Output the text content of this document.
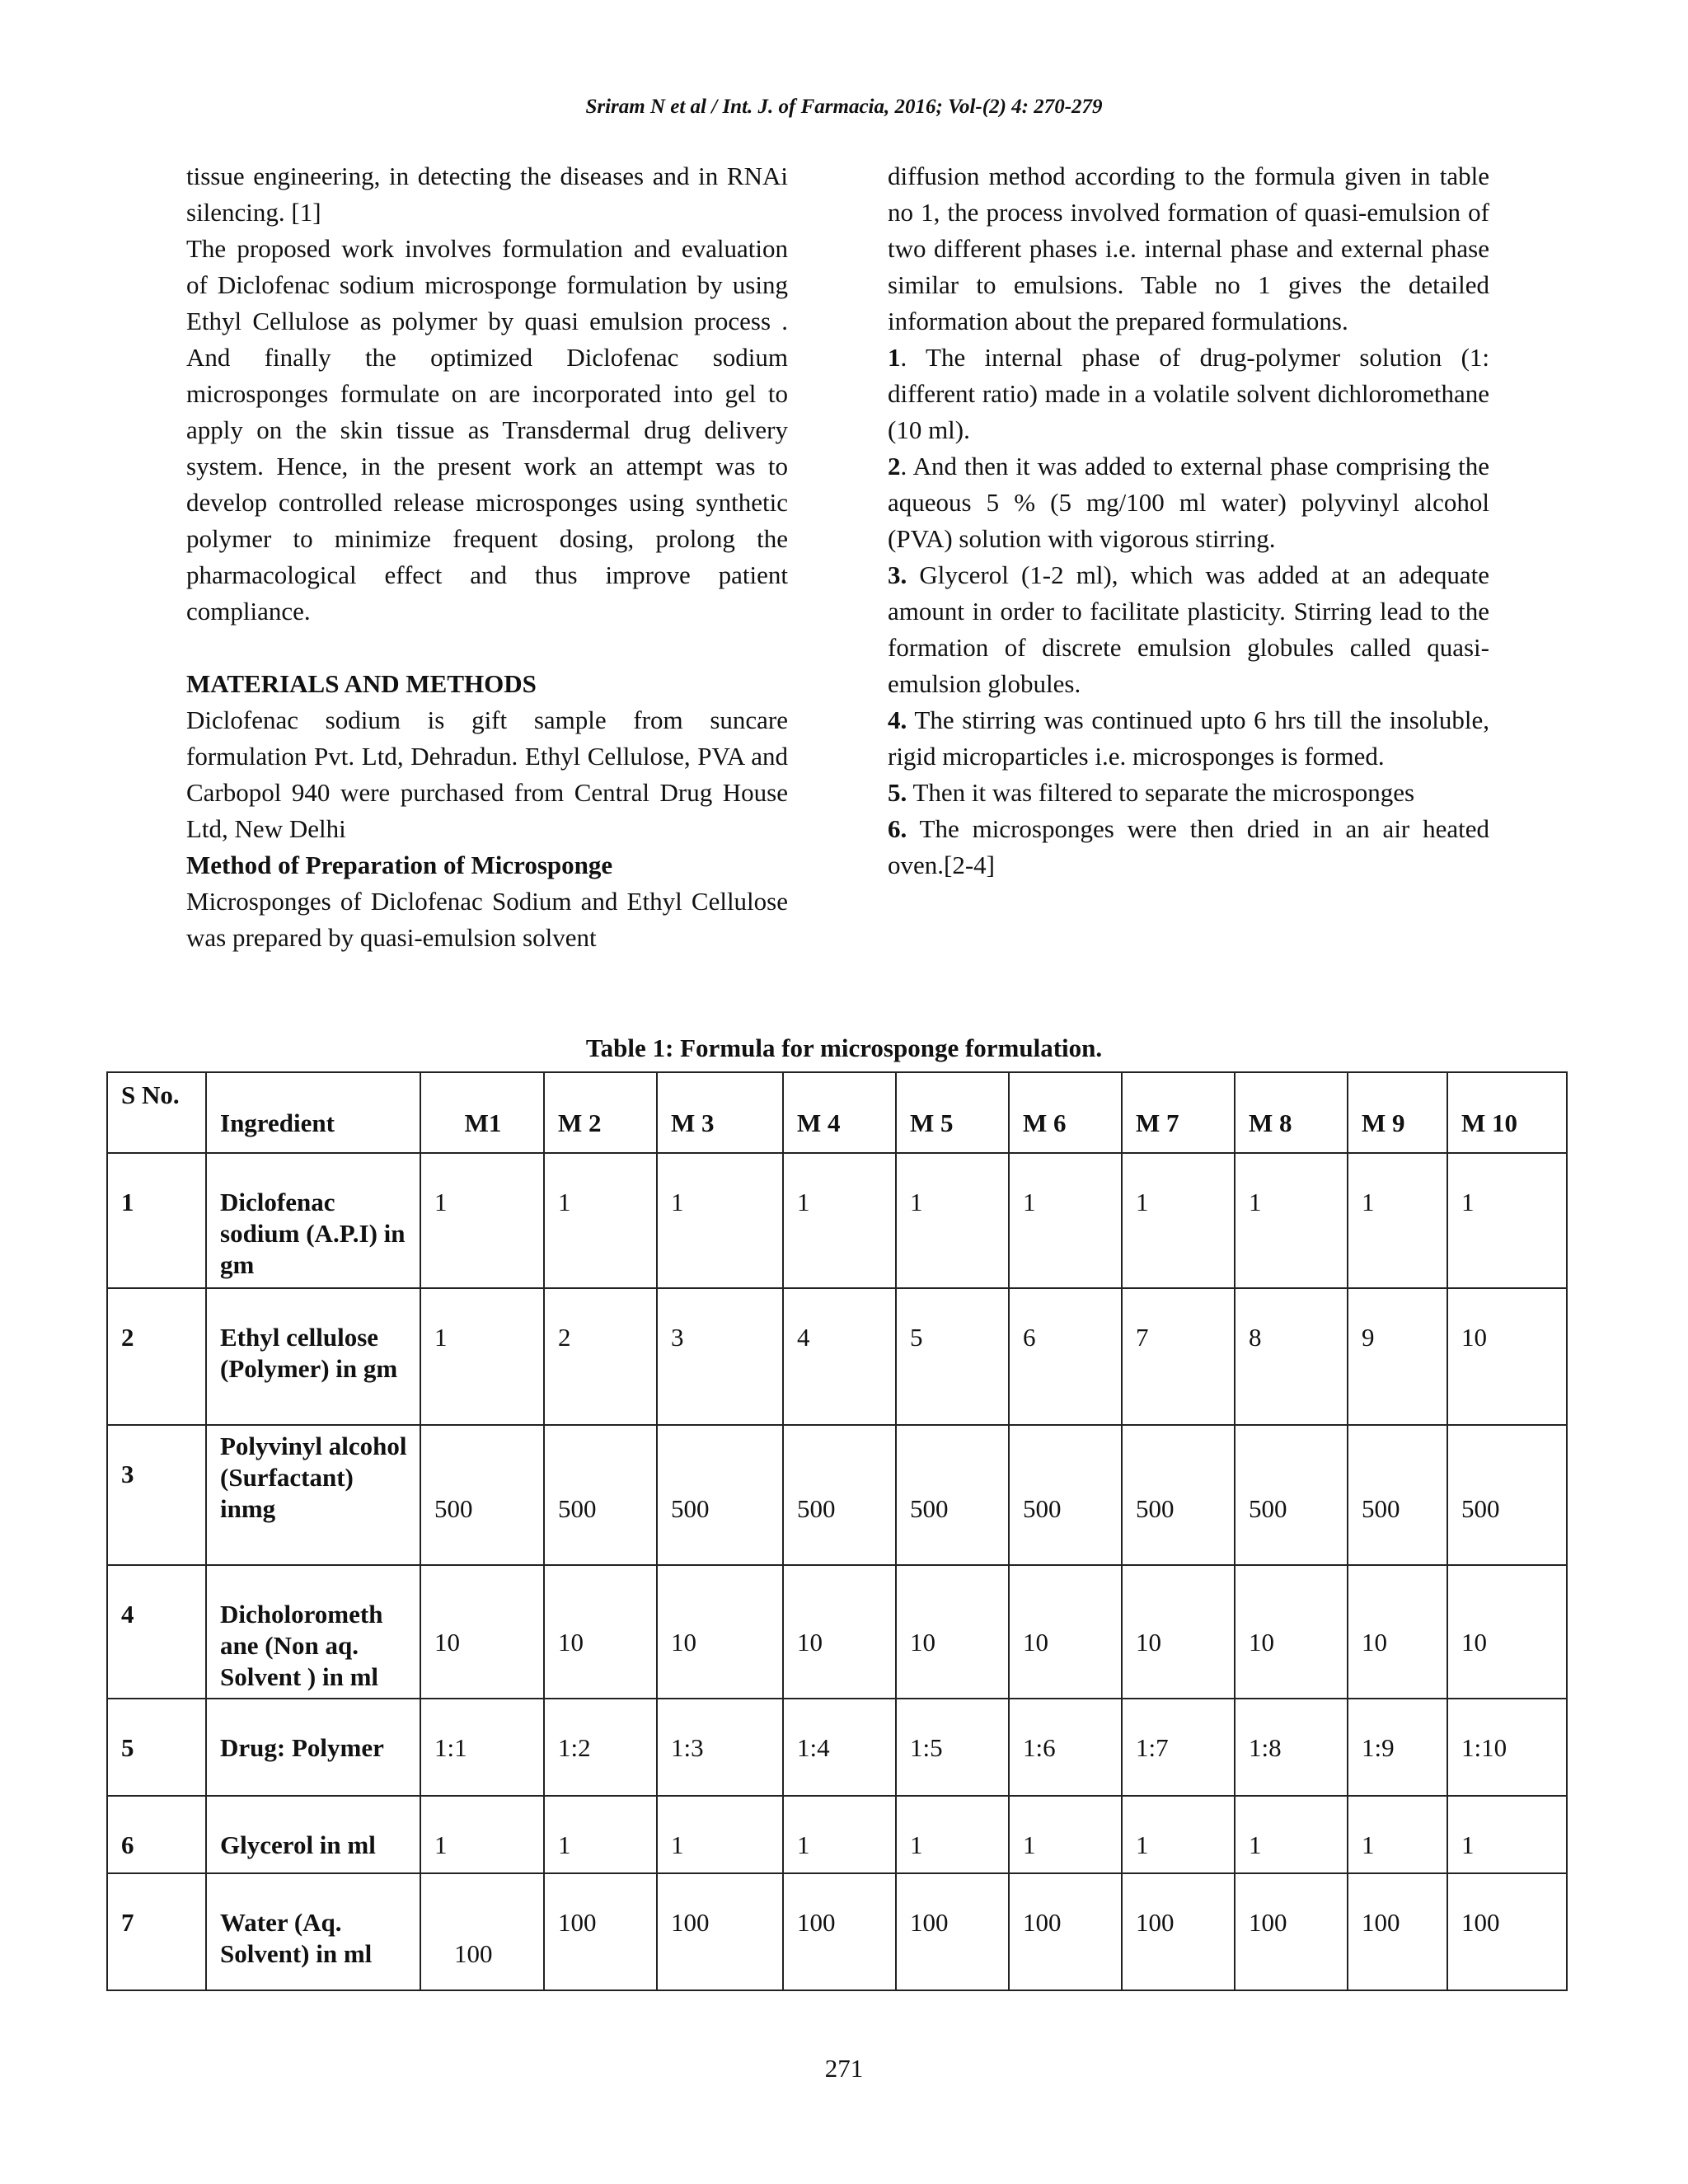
Sriram N et al / Int. J. of Farmacia, 2016; Vol-(2) 4: 270-279

tissue engineering, in detecting the diseases and in RNAi silencing. [1]

The proposed work involves formulation and evaluation of Diclofenac sodium microsponge formulation by using Ethyl Cellulose as polymer by quasi emulsion process . And finally the optimized Diclofenac sodium microsponges formulate on are incorporated into gel to apply on the skin tissue as Transdermal drug delivery system. Hence, in the present work an attempt was to develop controlled release microsponges using synthetic polymer to minimize frequent dosing, prolong the pharmacological effect and thus improve patient compliance.

MATERIALS AND METHODS

Diclofenac sodium is gift sample from suncare formulation Pvt. Ltd, Dehradun. Ethyl Cellulose, PVA and Carbopol 940 were purchased from Central Drug House Ltd, New Delhi

Method of Preparation of Microsponge

Microsponges of Diclofenac Sodium and Ethyl Cellulose was prepared by quasi-emulsion solvent

diffusion method according to the formula given in table no 1, the process involved formation of quasi-emulsion of two different phases i.e. internal phase and external phase similar to emulsions. Table no 1 gives the detailed information about the prepared formulations.

1. The internal phase of drug-polymer solution (1: different ratio) made in a volatile solvent dichloromethane (10 ml).

2. And then it was added to external phase comprising the aqueous 5 % (5 mg/100 ml water) polyvinyl alcohol (PVA) solution with vigorous stirring.

3. Glycerol (1-2 ml), which was added at an adequate amount in order to facilitate plasticity. Stirring lead to the formation of discrete emulsion globules called quasi-emulsion globules.

4. The stirring was continued upto 6 hrs till the insoluble, rigid microparticles i.e. microsponges is formed.

5. Then it was filtered to separate the microsponges

6. The microsponges were then dried in an air heated oven.[2-4]

Table 1: Formula for microsponge formulation.
S No.	Ingredient	M1	M 2	M 3	M 4	M 5	M 6	M 7	M 8	M 9	M 10
1	Diclofenac sodium (A.P.I) in gm	1	1	1	1	1	1	1	1	1	1
2	Ethyl cellulose (Polymer) in gm	1	2	3	4	5	6	7	8	9	10
3	Polyvinyl alcohol (Surfactant) inmg	500	500	500	500	500	500	500	500	500	500
4	Dicholorometh ane (Non aq. Solvent ) in ml	10	10	10	10	10	10	10	10	10	10
5	Drug: Polymer	1:1	1:2	1:3	1:4	1:5	1:6	1:7	1:8	1:9	1:10
6	Glycerol in ml	1	1	1	1	1	1	1	1	1	1
7	Water (Aq. Solvent) in ml	100	100	100	100	100	100	100	100	100	100
271
